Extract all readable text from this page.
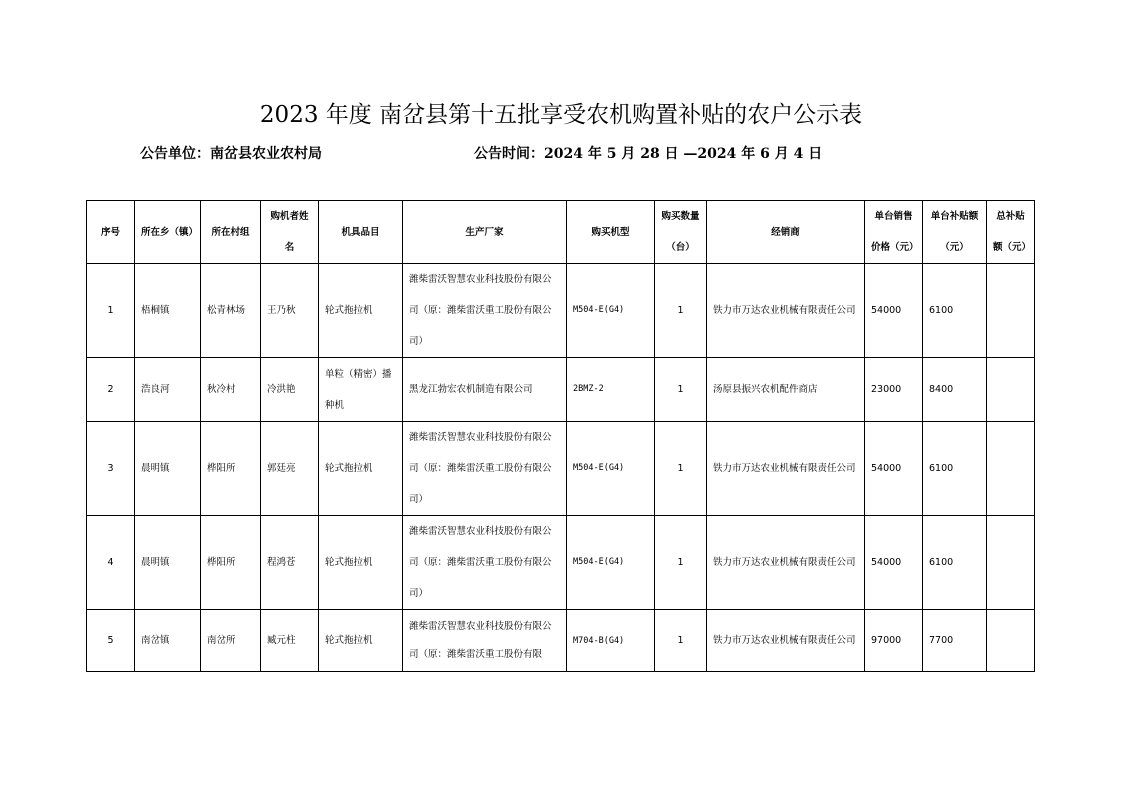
2023 年度 南岔县第十五批享受农机购置补贴的农户公示表
公告单位：南岔县农业农村局	公告时间：2024 年 5 月 28 日 —2024 年 6 月 4 日
序号	所在乡（镇）	所在村组	购机者姓名	机具品目	生产厂家	购买机型	购买数量（台）	经销商	单台销售价格（元）	单台补贴额（元）	总补贴额（元）
1	梧桐镇	松青林场	王乃秋	轮式拖拉机	潍柴雷沃智慧农业科技股份有限公司（原：潍柴雷沃重工股份有限公司）	M504-E(G4)	1	铁力市万达农业机械有限责任公司	54000	6100	
2	浩良河	秋冷村	冷洪艳	单粒（精密）播种机	黑龙江勃宏农机制造有限公司	2BMZ-2	1	汤原县振兴农机配件商店	23000	8400	
3	晨明镇	桦阳所	郭廷亮	轮式拖拉机	潍柴雷沃智慧农业科技股份有限公司（原：潍柴雷沃重工股份有限公司）	M504-E(G4)	1	铁力市万达农业机械有限责任公司	54000	6100	
4	晨明镇	桦阳所	程鸿苍	轮式拖拉机	潍柴雷沃智慧农业科技股份有限公司（原：潍柴雷沃重工股份有限公司）	M504-E(G4)	1	铁力市万达农业机械有限责任公司	54000	6100	
5	南岔镇	南岔所	臧元柱	轮式拖拉机	潍柴雷沃智慧农业科技股份有限公司（原：潍柴雷沃重工股份有限	M704-B(G4)	1	铁力市万达农业机械有限责任公司	97000	7700	
